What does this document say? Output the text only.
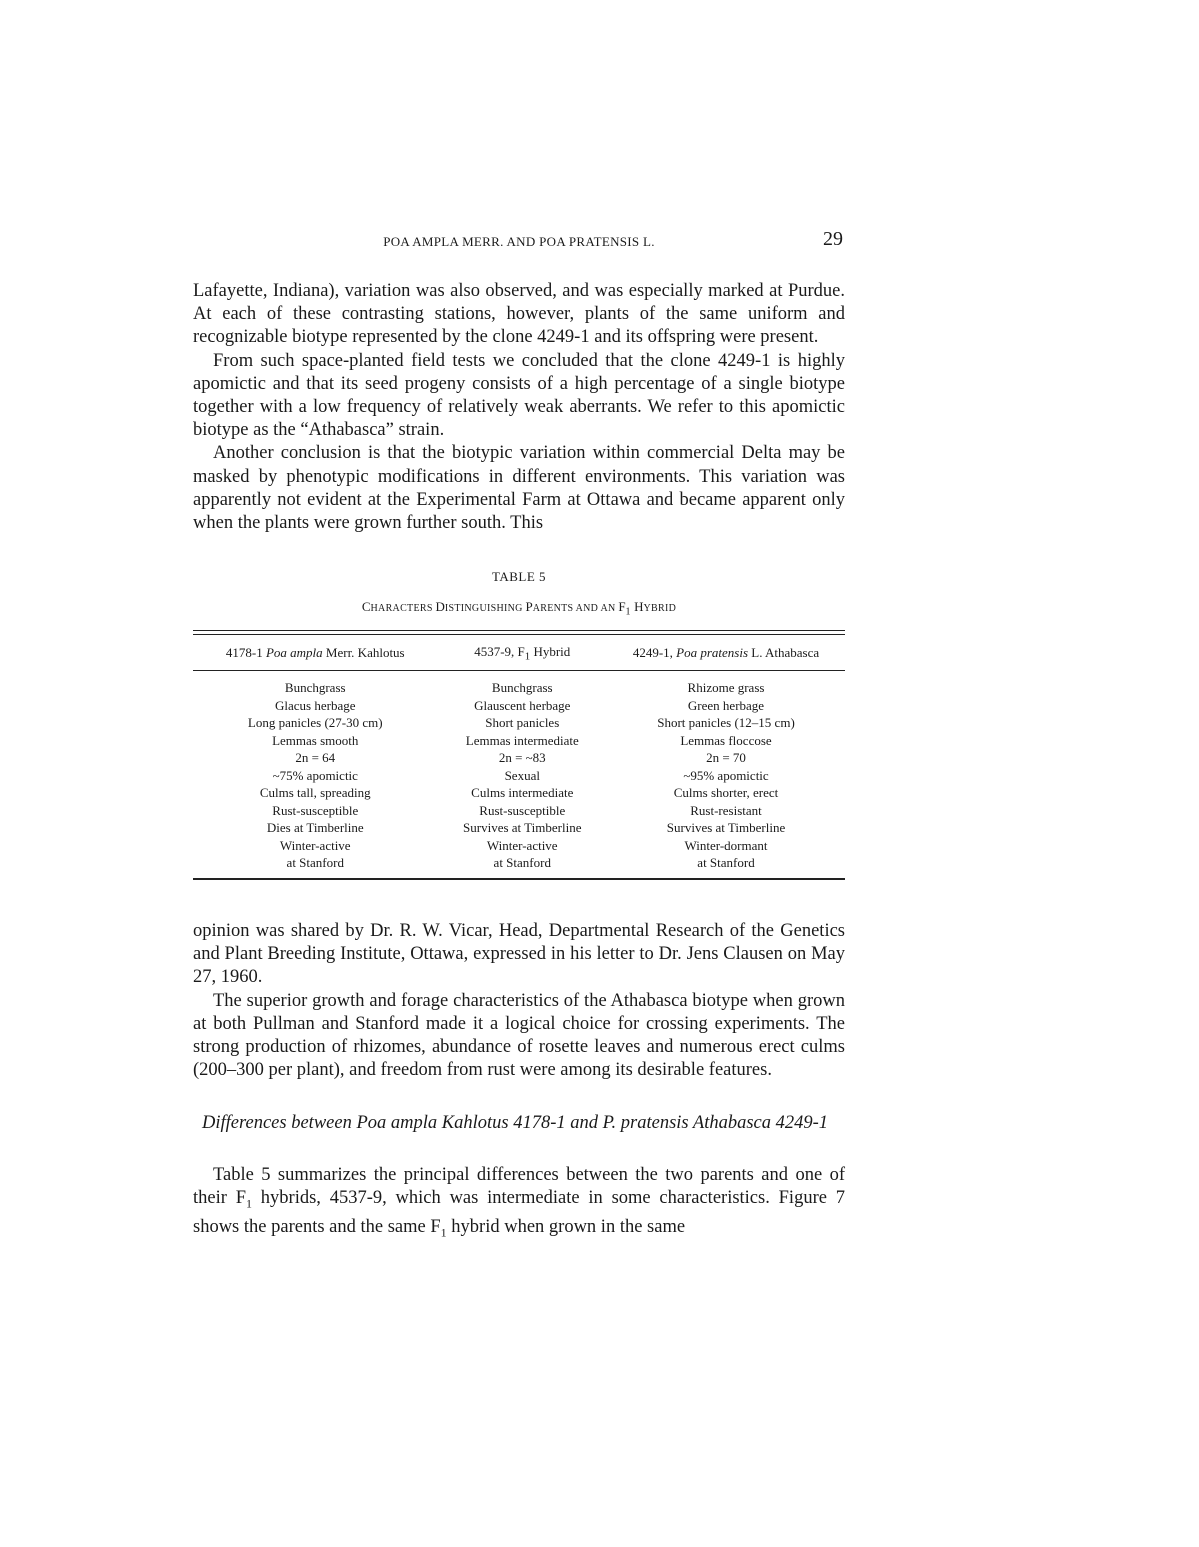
POA AMPLA MERR. AND POA PRATENSIS L.	29

Lafayette, Indiana), variation was also observed, and was especially marked at Purdue. At each of these contrasting stations, however, plants of the same uniform and recognizable biotype represented by the clone 4249-1 and its offspring were present.

From such space-planted field tests we concluded that the clone 4249-1 is highly apomictic and that its seed progeny consists of a high percentage of a single biotype together with a low frequency of relatively weak aberrants. We refer to this apomictic biotype as the “Athabasca” strain.

Another conclusion is that the biotypic variation within commercial Delta may be masked by phenotypic modifications in different environments. This variation was apparently not evident at the Experimental Farm at Ottawa and became apparent only when the plants were grown further south. This

TABLE 5
CHARACTERS DISTINGUISHING PARENTS AND AN $F_1$ HYBRID
4178-1 Poa ampla Merr. Kahlotus	4537-9, $F_1$ Hybrid	4249-1, Poa pratensis L. Athabasca

Bunchgrass	Bunchgrass	Rhizome grass
Glacus herbage	Glauscent herbage	Green herbage
Long panicles (27-30 cm)	Short panicles	Short panicles (12–15 cm)
Lemmas smooth	Lemmas intermediate	Lemmas floccose
2n = 64	2n = ~83	2n = 70
~75% apomictic	Sexual	~95% apomictic
Culms tall, spreading	Culms intermediate	Culms shorter, erect
Rust-susceptible	Rust-susceptible	Rust-resistant
Dies at Timberline	Survives at Timberline	Survives at Timberline
Winter-active	Winter-active	Winter-dormant
at Stanford	at Stanford	at Stanford

opinion was shared by Dr. R. W. Vicar, Head, Departmental Research of the Genetics and Plant Breeding Institute, Ottawa, expressed in his letter to Dr. Jens Clausen on May 27, 1960.

The superior growth and forage characteristics of the Athabasca biotype when grown at both Pullman and Stanford made it a logical choice for crossing experiments. The strong production of rhizomes, abundance of rosette leaves and numerous erect culms (200–300 per plant), and freedom from rust were among its desirable features.

Differences between Poa ampla Kahlotus 4178-1 and P. pratensis Athabasca 4249-1

Table 5 summarizes the principal differences between the two parents and one of their $F_1$ hybrids, 4537-9, which was intermediate in some characteristics. Figure 7 shows the parents and the same $F_1$ hybrid when grown in the same
